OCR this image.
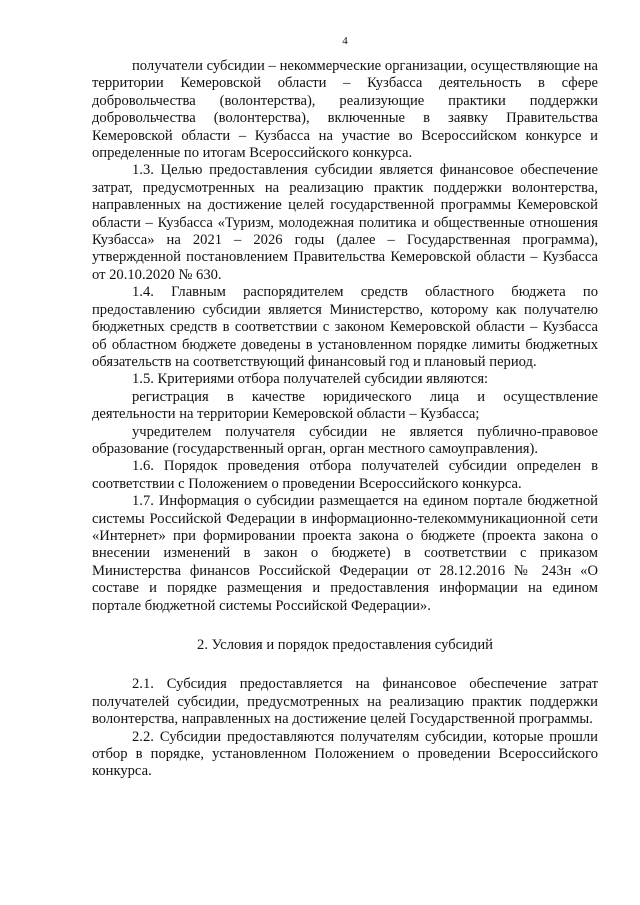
4

получатели субсидии – некоммерческие организации, осуществляющие на территории Кемеровской области – Кузбасса деятельность в сфере добровольчества (волонтерства), реализующие практики поддержки добровольчества (волонтерства), включенные в заявку Правительства Кемеровской области – Кузбасса на участие во Всероссийском конкурсе и определенные по итогам Всероссийского конкурса.

1.3. Целью предоставления субсидии является финансовое обеспечение затрат, предусмотренных на реализацию практик поддержки волонтерства, направленных на достижение целей государственной программы Кемеровской области – Кузбасса «Туризм, молодежная политика и общественные отношения Кузбасса» на 2021 – 2026 годы (далее – Государственная программа), утвержденной постановлением Правительства Кемеровской области – Кузбасса от 20.10.2020 № 630.

1.4. Главным распорядителем средств областного бюджета по предоставлению субсидии является Министерство, которому как получателю бюджетных средств в соответствии с законом Кемеровской области – Кузбасса об областном бюджете доведены в установленном порядке лимиты бюджетных обязательств на соответствующий финансовый год и плановый период.

1.5. Критериями отбора получателей субсидии являются:

регистрация в качестве юридического лица и осуществление деятельности на территории Кемеровской области – Кузбасса;

учредителем получателя субсидии не является публично-правовое образование (государственный орган, орган местного самоуправления).

1.6. Порядок проведения отбора получателей субсидии определен в соответствии с Положением о проведении Всероссийского конкурса.

1.7. Информация о субсидии размещается на едином портале бюджетной системы Российской Федерации в информационно-телекоммуникационной сети «Интернет» при формировании проекта закона о бюджете (проекта закона о внесении изменений в закон о бюджете) в соответствии с приказом Министерства финансов Российской Федерации от 28.12.2016 № 243н «О составе и порядке размещения и предоставления информации на едином портале бюджетной системы Российской Федерации».

2. Условия и порядок предоставления субсидий

2.1. Субсидия предоставляется на финансовое обеспечение затрат получателей субсидии, предусмотренных на реализацию практик поддержки волонтерства, направленных на достижение целей Государственной программы.

2.2. Субсидии предоставляются получателям субсидии, которые прошли отбор в порядке, установленном Положением о проведении Всероссийского конкурса.
